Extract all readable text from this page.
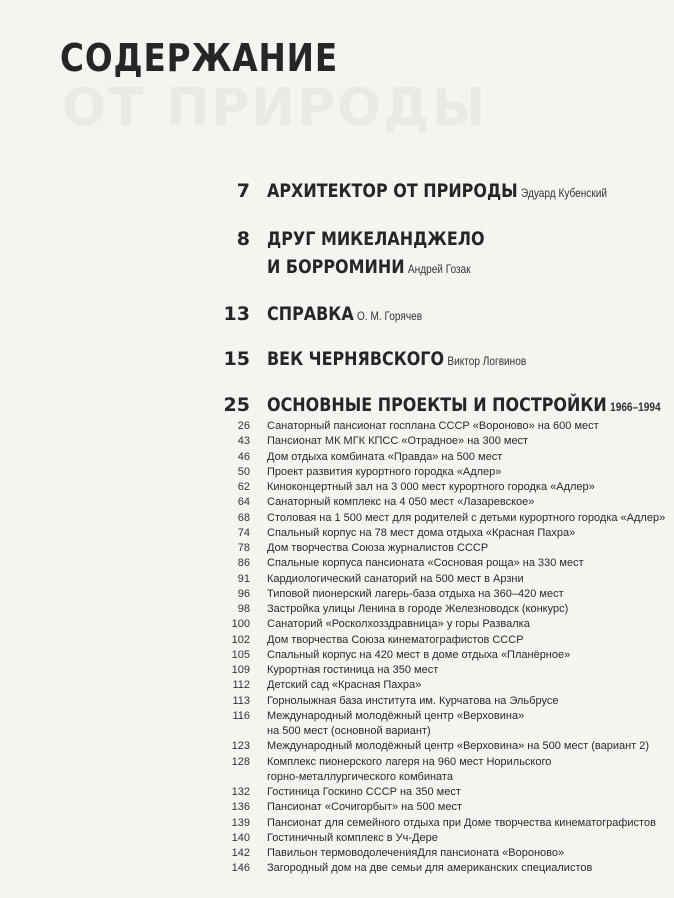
СОДЕРЖАНИЕ
7 АРХИТЕКТОР ОТ ПРИРОДЫ Эдуард Кубенский
8 ДРУГ МИКЕЛАНДЖЕЛО
И БОРРОМИНИ Андрей Гозак
13 СПРАВКА О. М. Горячев
15 ВЕК ЧЕРНЯВСКОГО Виктор Логвинов
25 ОСНОВНЫЕ ПРОЕКТЫ И ПОСТРОЙКИ 1966–1994
26 Санаторный пансионат госплана СССР «Вороново» на 600 мест
43 Пансионат МК МГК КПСС «Отрадное» на 300 мест
46 Дом отдыха комбината «Правда» на 500 мест
50 Проект развития курортного городка «Адлер»
62 Киноконцертный зал на 3 000 мест курортного городка «Адлер»
64 Санаторный комплекс на 4 050 мест «Лазаревское»
68 Столовая на 1 500 мест для родителей с детьми курортного городка «Адлер»
74 Спальный корпус на 78 мест дома отдыха «Красная Пахра»
78 Дом творчества Союза журналистов СССР
86 Спальные корпуса пансионата «Сосновая роща» на 330 мест
91 Кардиологический санаторий на 500 мест в Арзни
96 Типовой пионерский лагерь-база отдыха на 360–420 мест
98 Застройка улицы Ленина в городе Железноводск (конкурс)
100 Санаторий «Росколхозздравница» у горы Развалка
102 Дом творчества Союза кинематографистов СССР
105 Спальный корпус на 420 мест в доме отдыха «Планёрное»
109 Курортная гостиница на 350 мест
112 Детский сад «Красная Пахра»
113 Горнолыжная база института им. Курчатова на Эльбрусе
116 Международный молодёжный центр «Верховина»
на 500 мест (основной вариант)
123 Международный молодёжный центр «Верховина» на 500 мест (вариант 2)
128 Комплекс пионерского лагеря на 960 мест Норильского
горно-металлургического комбината
132 Гостиница Госкино СССР на 350 мест
136 Пансионат «Сочигорбыт» на 500 мест
139 Пансионат для семейного отдыха при Доме творчества кинематографистов
140 Гостиничный комплекс в Уч-Дере
142 Павильон термоводолеченияДля пансионата «Вороново»
146 Загородный дом на две семьи для американских специалистов
